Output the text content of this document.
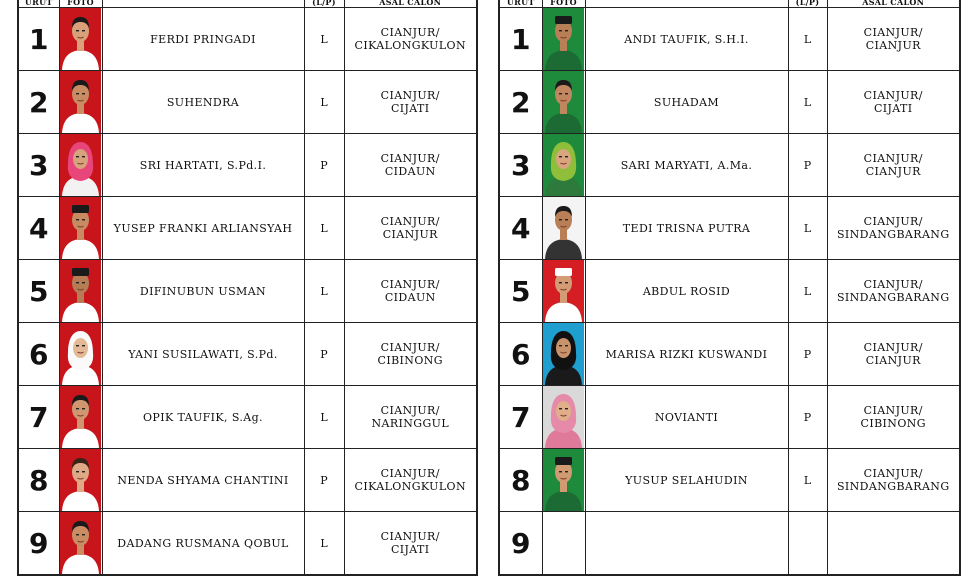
URUT	FOTO		(L/P)	ASAL CALON
1		FERDI PRINGADI	L	CIANJUR/
CIKALONGKULON

2		SUHENDRA	L	CIANJUR/
CIJATI

3		SRI HARTATI, S.Pd.I.	P	CIANJUR/
CIDAUN

4		YUSEP FRANKI ARLIANSYAH	L	CIANJUR/
CIANJUR

5		DIFINUBUN USMAN	L	CIANJUR/
CIDAUN

6		YANI SUSILAWATI, S.Pd.	P	CIANJUR/
CIBINONG

7		OPIK TAUFIK, S.Ag.	L	CIANJUR/
NARINGGUL

8		NENDA SHYAMA CHANTINI	P	CIANJUR/
CIKALONGKULON

9		DADANG RUSMANA QOBUL	L	CIANJUR/
CIJATI
URUT	FOTO		(L/P)	ASAL CALON
1		ANDI TAUFIK, S.H.I.	L	CIANJUR/
CIANJUR

2		SUHADAM	L	CIANJUR/
CIJATI

3		SARI MARYATI, A.Ma.	P	CIANJUR/
CIANJUR

4		TEDI TRISNA PUTRA	L	CIANJUR/
SINDANGBARANG

5		ABDUL ROSID	L	CIANJUR/
SINDANGBARANG

6		MARISA RIZKI KUSWANDI	P	CIANJUR/
CIANJUR

7		NOVIANTI	P	CIANJUR/
CIBINONG

8		YUSUP SELAHUDIN	L	CIANJUR/
SINDANGBARANG

9	
